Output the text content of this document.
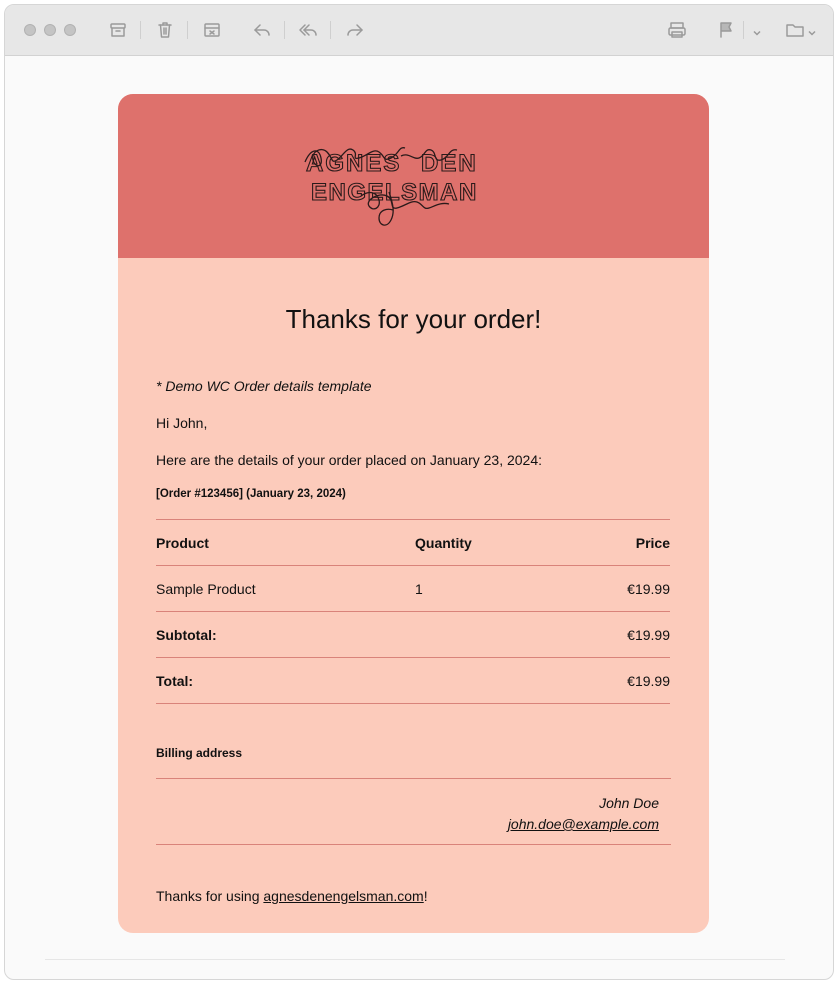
AGNES DEN
ENGELSMAN
Thanks for your order!
* Demo WC Order details template
Hi John,
Here are the details of your order placed on January 23, 2024:
[Order #123456] (January 23, 2024)
Product	Quantity	Price
Sample Product	1	€19.99
Subtotal:		€19.99
Total:		€19.99
Billing address
John Doe
john.doe@example.com
Thanks for using agnesdenengelsman.com!
